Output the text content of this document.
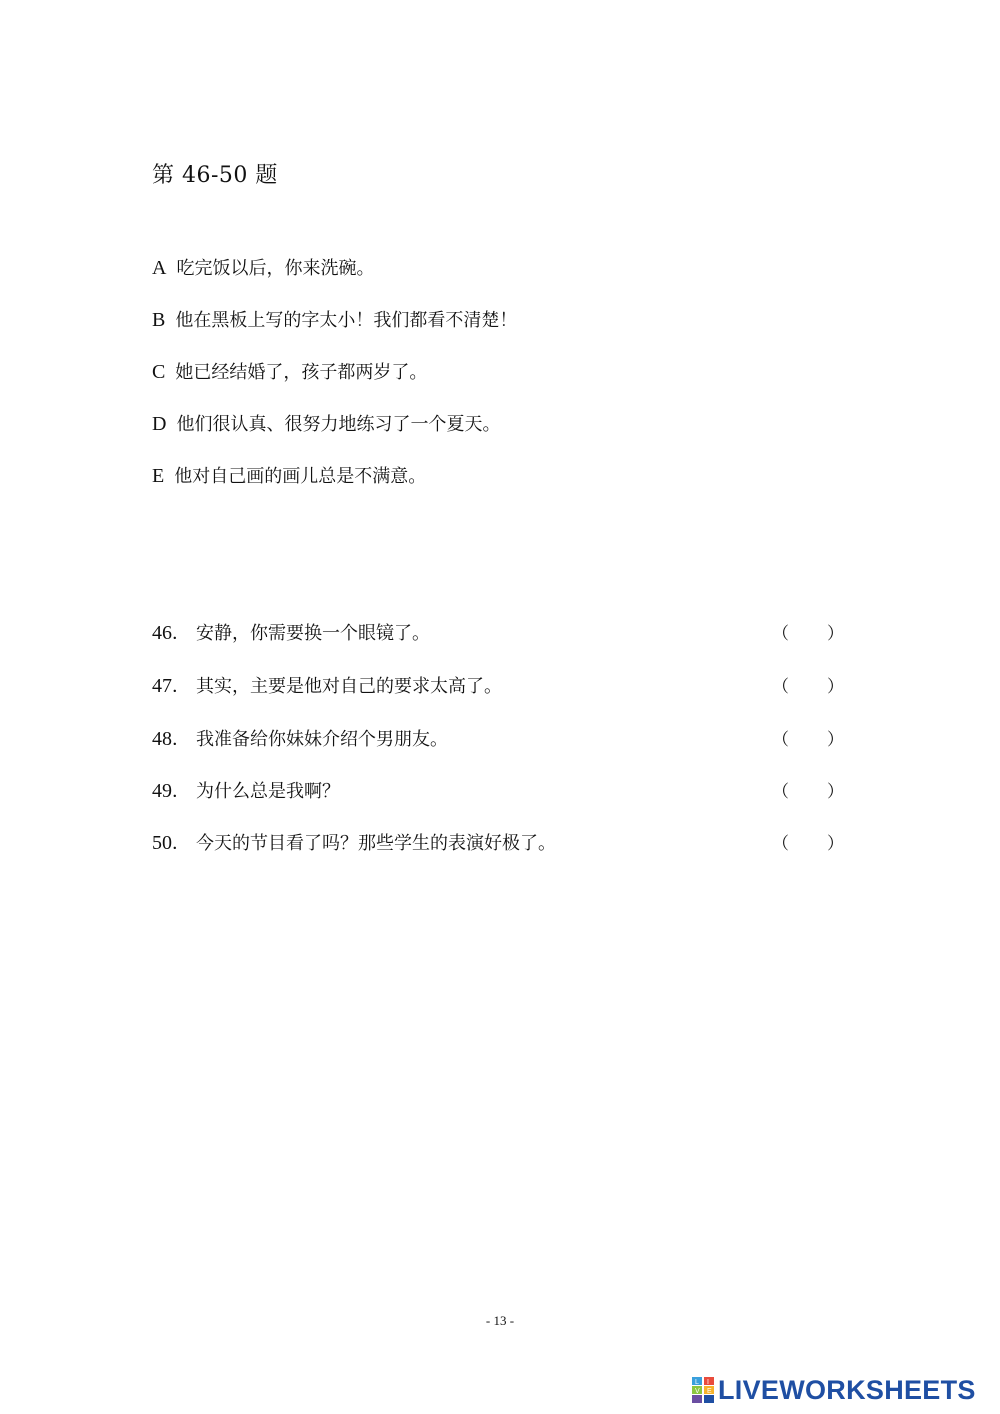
第 46-50 题
A 吃完饭以后，你来洗碗。
B 他在黑板上写的字太小！我们都看不清楚！
C 她已经结婚了，孩子都两岁了。
D 他们很认真、很努力地练习了一个夏天。
E 他对自己画的画儿总是不满意。
46． 安静，你需要换一个眼镜了。	（ ）
47． 其实，主要是他对自己的要求太高了。	（ ）
48． 我准备给你妹妹介绍个男朋友。	（ ）
49． 为什么总是我啊？	（ ）
50． 今天的节目看了吗？那些学生的表演好极了。	（ ）
- 13 -
L I
V E LIVEWORKSHEETS
